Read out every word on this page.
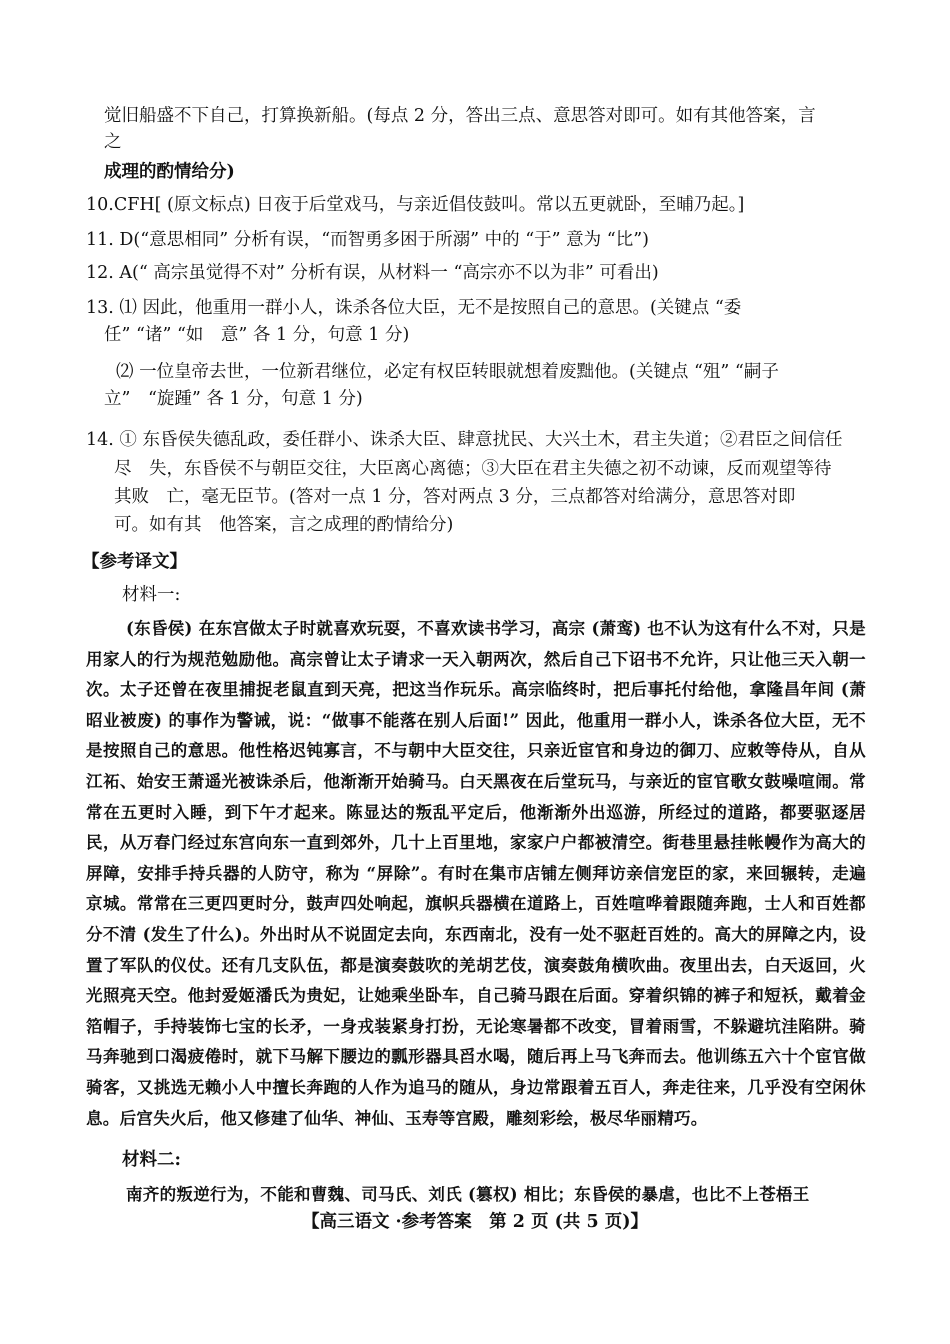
觉旧船盛不下自己，打算换新船。(每点 2 分，答出三点、意思答对即可。如有其他答案，言

之

成理的酌情给分)

10.CFH[ (原文标点) 日夜于后堂戏马，与亲近倡伎鼓叫。常以五更就卧，至晡乃起。]

11. D(“意思相同” 分析有误，“而智勇多困于所溺” 中的 “于” 意为 “比”)

12. A(“ 高宗虽觉得不对” 分析有误，从材料一 “高宗亦不以为非” 可看出)

13. ⑴ 因此，他重用一群小人，诛杀各位大臣，无不是按照自己的意思。(关键点 “委

任” “诸” “如　意” 各 1 分，句意 1 分)

⑵ 一位皇帝去世，一位新君继位，必定有权臣转眼就想着废黜他。(关键点 “殂” “嗣子

立”　“旋踵” 各 1 分，句意 1 分)

14. ① 东昏侯失德乱政，委任群小、诛杀大臣、肆意扰民、大兴土木，君主失道；②君臣之间信任

尽　失，东昏侯不与朝臣交往，大臣离心离德；③大臣在君主失德之初不动谏，反而观望等待

其败　亡，毫无臣节。(答对一点 1 分，答对两点 3 分，三点都答对给满分，意思答对即

可。如有其　他答案，言之成理的酌情给分)

【参考译文】

材料一:

(东昏侯) 在东宫做太子时就喜欢玩耍，不喜欢读书学习，高宗 (萧鸾) 也不认为这有什么不对，只是用家人的行为规范勉励他。高宗曾让太子请求一天入朝两次，然后自己下诏书不允许，只让他三天入朝一次。太子还曾在夜里捕捉老鼠直到天亮，把这当作玩乐。高宗临终时，把后事托付给他，拿隆昌年间 (萧昭业被废) 的事作为警诫，说：“做事不能落在别人后面!” 因此，他重用一群小人，诛杀各位大臣，无不是按照自己的意思。他性格迟钝寡言，不与朝中大臣交往，只亲近宦官和身边的御刀、应敕等侍从，自从江祏、始安王萧遥光被诛杀后，他渐渐开始骑马。白天黑夜在后堂玩马，与亲近的宦官歌女鼓噪喧闹。常常在五更时入睡，到下午才起来。陈显达的叛乱平定后，他渐渐外出巡游，所经过的道路，都要驱逐居民，从万春门经过东宫向东一直到郊外，几十上百里地，家家户户都被清空。街巷里悬挂帐幔作为高大的屏障，安排手持兵器的人防守，称为 “屏除”。有时在集市店铺左侧拜访亲信宠臣的家，来回辗转，走遍京城。常常在三更四更时分，鼓声四处响起，旗帜兵器横在道路上，百姓喧哗着跟随奔跑，士人和百姓都分不清 (发生了什么)。外出时从不说固定去向，东西南北，没有一处不驱赶百姓的。高大的屏障之内，设置了军队的仪仗。还有几支队伍，都是演奏鼓吹的羌胡艺伎，演奏鼓角横吹曲。夜里出去，白天返回，火光照亮天空。他封爱姬潘氏为贵妃，让她乘坐卧车，自己骑马跟在后面。穿着织锦的裤子和短袄，戴着金箔帽子，手持装饰七宝的长矛，一身戎装紧身打扮，无论寒暑都不改变，冒着雨雪，不躲避坑洼陷阱。骑马奔驰到口渴疲倦时，就下马解下腰边的瓢形器具舀水喝，随后再上马飞奔而去。他训练五六十个宦官做骑客，又挑选无赖小人中擅长奔跑的人作为追马的随从，身边常跟着五百人，奔走往来，几乎没有空闲休息。后宫失火后，他又修建了仙华、神仙、玉寿等宫殿，雕刻彩绘，极尽华丽精巧。

材料二:

南齐的叛逆行为，不能和曹魏、司马氏、刘氏 (篡权) 相比；东昏侯的暴虐，也比不上苍梧王

【高三语文 ·参考答案　第 2 页 (共 5 页)】
